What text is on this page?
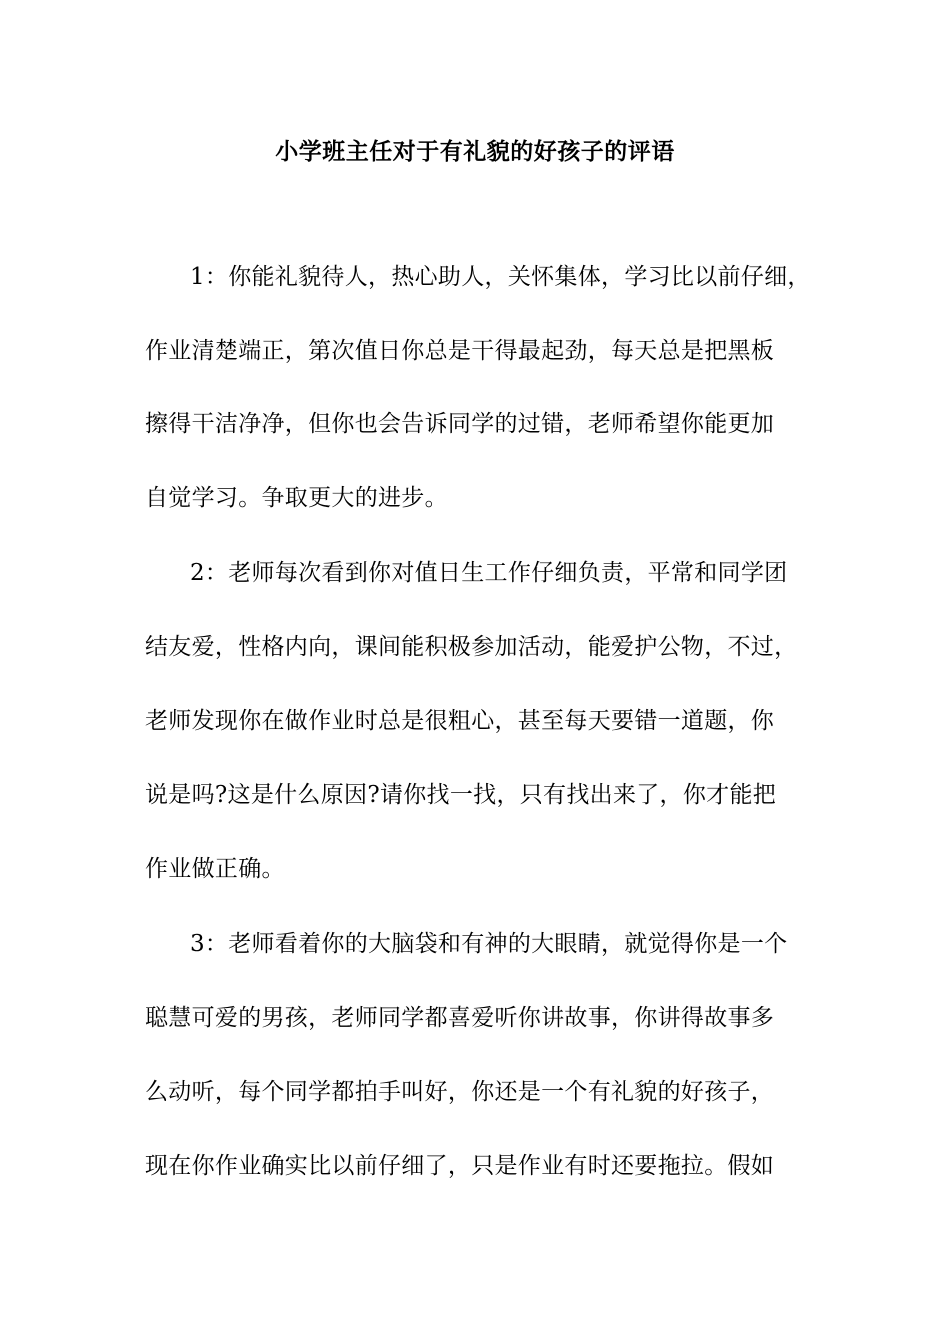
小学班主任对于有礼貌的好孩子的评语
1：你能礼貌待人，热心助人，关怀集体，学习比以前仔细，
作业清楚端正，第次值日你总是干得最起劲，每天总是把黑板
擦得干洁净净，但你也会告诉同学的过错，老师希望你能更加
自觉学习。争取更大的进步。
2：老师每次看到你对值日生工作仔细负责，平常和同学团
结友爱，性格内向，课间能积极参加活动，能爱护公物，不过，
老师发现你在做作业时总是很粗心，甚至每天要错一道题，你
说是吗?这是什么原因?请你找一找，只有找出来了，你才能把
作业做正确。
3：老师看着你的大脑袋和有神的大眼睛，就觉得你是一个
聪慧可爱的男孩，老师同学都喜爱听你讲故事，你讲得故事多
么动听，每个同学都拍手叫好，你还是一个有礼貌的好孩子，
现在你作业确实比以前仔细了，只是作业有时还要拖拉。假如
